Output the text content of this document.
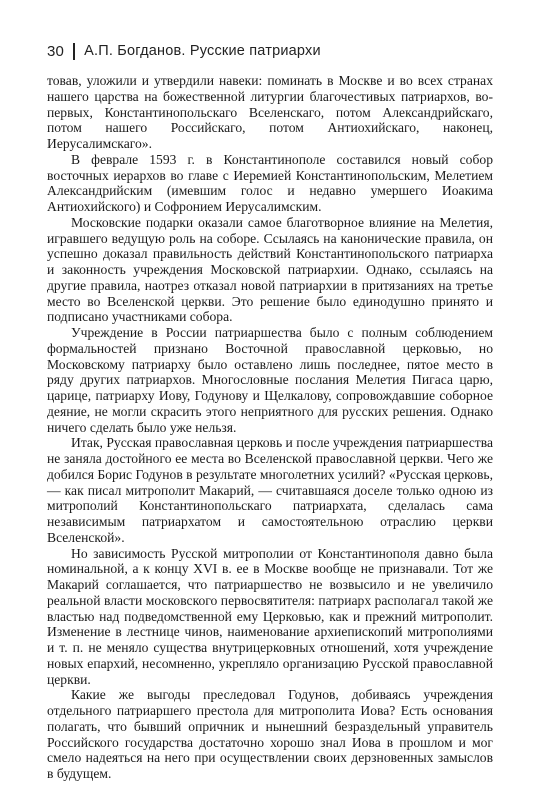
30 А.П. Богданов. Русские патриархи

товав, уложили и утвердили навеки: поминать в Москве и во всех странах нашего царства на божественной литургии благочестивых патриархов, во-первых, Константинопольскаго Вселенскаго, потом Александрийскаго, потом нашего Российскаго, потом Антиохийскаго, наконец, Иерусалимскаго».

В феврале 1593 г. в Константинополе составился новый собор восточных иерархов во главе с Иеремией Константинопольским, Мелетием Александрийским (имевшим голос и недавно умершего Иоакима Антиохийского) и Софронием Иерусалимским.

Московские подарки оказали самое благотворное влияние на Мелетия, игравшего ведущую роль на соборе. Ссылаясь на канонические правила, он успешно доказал правильность действий Константинопольского патриарха и законность учреждения Московской патриархии. Однако, ссылаясь на другие правила, наотрез отказал новой патриархии в притязаниях на третье место во Вселенской церкви. Это решение было единодушно принято и подписано участниками собора.

Учреждение в России патриаршества было с полным соблюдением формальностей признано Восточной православной церковью, но Московскому патриарху было оставлено лишь последнее, пятое место в ряду других патриархов. Многословные послания Мелетия Пигаса царю, царице, патриарху Иову, Годунову и Щелкалову, сопровождавшие соборное деяние, не могли скрасить этого неприятного для русских решения. Однако ничего сделать было уже нельзя.

Итак, Русская православная церковь и после учреждения патриаршества не заняла достойного ее места во Вселенской православной церкви. Чего же добился Борис Годунов в результате многолетних усилий? «Русская церковь, — как писал митрополит Макарий, — считавшаяся доселе только одною из митрополий Константинопольскаго патриархата, сделалась сама независимым патриархатом и самостоятельною отраслию церкви Вселенской».

Но зависимость Русской митрополии от Константинополя давно была номинальной, а к концу XVI в. ее в Москве вообще не признавали. Тот же Макарий соглашается, что патриаршество не возвысило и не увеличило реальной власти московского первосвятителя: патриарх располагал такой же властью над подведомственной ему Церковью, как и прежний митрополит. Изменение в лестнице чинов, наименование архиепископий митрополиями и т. п. не меняло существа внутрицерковных отношений, хотя учреждение новых епархий, несомненно, укрепляло организацию Русской православной церкви.

Какие же выгоды преследовал Годунов, добиваясь учреждения отдельного патриаршего престола для митрополита Иова? Есть основания полагать, что бывший опричник и нынешний безраздельный управитель Российского государства достаточно хорошо знал Иова в прошлом и мог смело надеяться на него при осуществлении своих дерзновенных замыслов в будущем.
